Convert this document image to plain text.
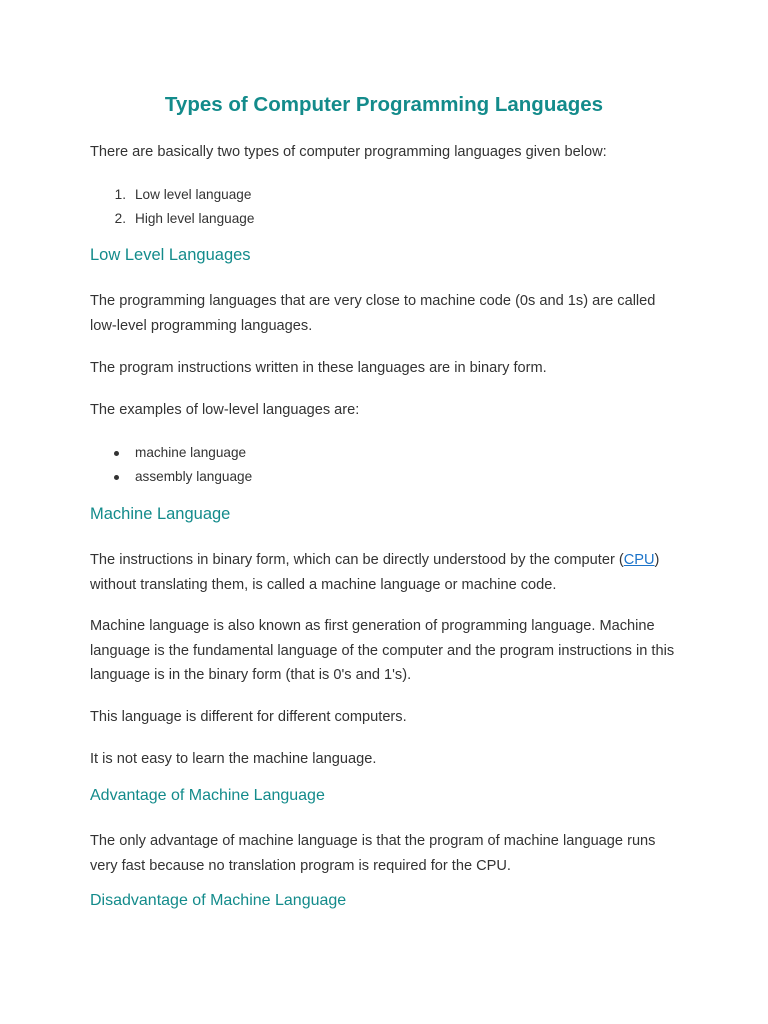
Types of Computer Programming Languages

There are basically two types of computer programming languages given below:

1. Low level language
2. High level language
Low Level Languages

The programming languages that are very close to machine code (0s and 1s) are called low-level programming languages.

The program instructions written in these languages are in binary form.

The examples of low-level languages are:

machine language
assembly language
Machine Language

The instructions in binary form, which can be directly understood by the computer (CPU) without translating them, is called a machine language or machine code.

Machine language is also known as first generation of programming language. Machine language is the fundamental language of the computer and the program instructions in this language is in the binary form (that is 0's and 1's).

This language is different for different computers.

It is not easy to learn the machine language.

Advantage of Machine Language

The only advantage of machine language is that the program of machine language runs very fast because no translation program is required for the CPU.

Disadvantage of Machine Language
